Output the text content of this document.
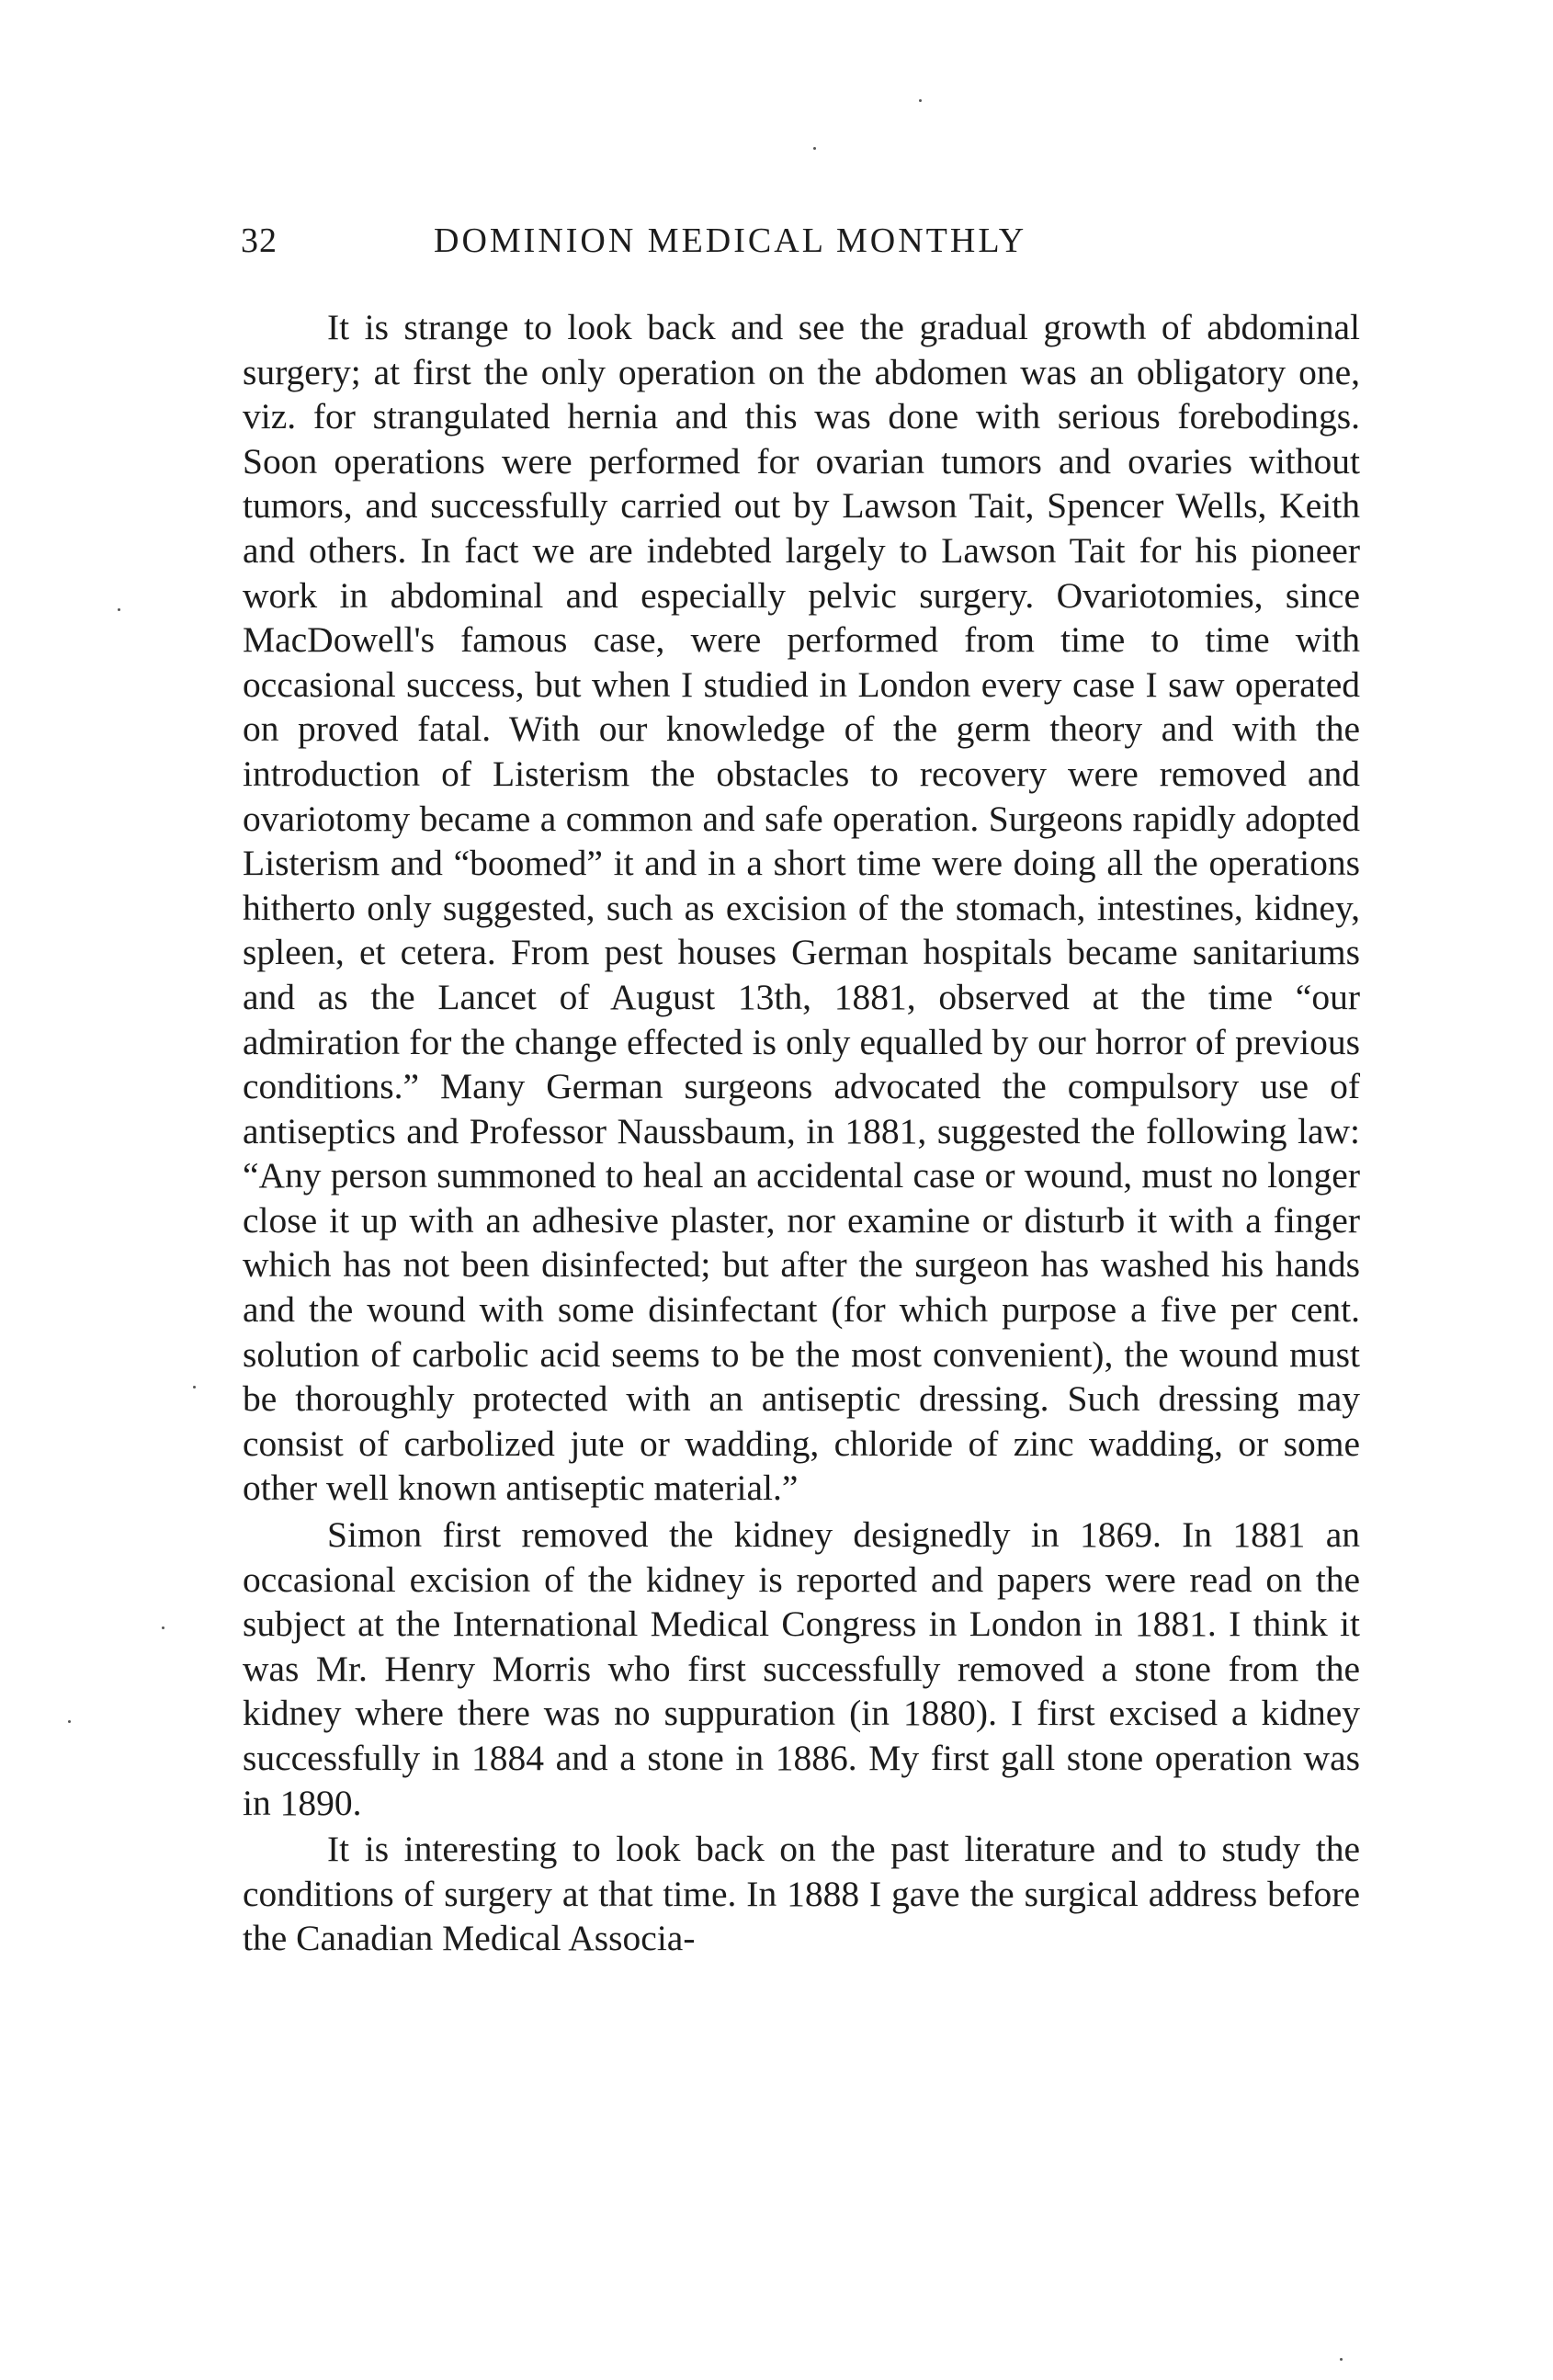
32	DOMINION MEDICAL MONTHLY

It is strange to look back and see the gradual growth of abdominal surgery; at first the only operation on the abdomen was an obligatory one, viz. for strangulated hernia and this was done with serious forebodings. Soon operations were performed for ovarian tumors and ovaries without tumors, and successfully carried out by Lawson Tait, Spencer Wells, Keith and others. In fact we are indebted largely to Lawson Tait for his pioneer work in abdominal and especially pelvic surgery. Ovariotomies, since MacDowell's famous case, were performed from time to time with occasional success, but when I studied in London every case I saw operated on proved fatal. With our knowledge of the germ theory and with the introduction of Listerism the obstacles to recovery were removed and ovariotomy became a common and safe operation. Surgeons rapidly adopted Listerism and “boomed” it and in a short time were doing all the operations hitherto only suggested, such as excision of the stomach, intestines, kidney, spleen, et cetera. From pest houses German hospitals became sanitariums and as the Lancet of August 13th, 1881, observed at the time “our admiration for the change effected is only equalled by our horror of previous conditions.” Many German surgeons advocated the compulsory use of antiseptics and Professor Naussbaum, in 1881, suggested the following law: “Any person summoned to heal an accidental case or wound, must no longer close it up with an adhesive plaster, nor examine or disturb it with a finger which has not been disinfected; but after the surgeon has washed his hands and the wound with some disinfectant (for which purpose a five per cent. solution of carbolic acid seems to be the most convenient), the wound must be thoroughly protected with an antiseptic dressing. Such dressing may consist of carbolized jute or wadding, chloride of zinc wadding, or some other well known antiseptic material.”

Simon first removed the kidney designedly in 1869. In 1881 an occasional excision of the kidney is reported and papers were read on the subject at the International Medical Congress in London in 1881. I think it was Mr. Henry Morris who first successfully removed a stone from the kidney where there was no suppuration (in 1880). I first excised a kidney successfully in 1884 and a stone in 1886. My first gall stone operation was in 1890.

It is interesting to look back on the past literature and to study the conditions of surgery at that time. In 1888 I gave the surgical address before the Canadian Medical Associa-
